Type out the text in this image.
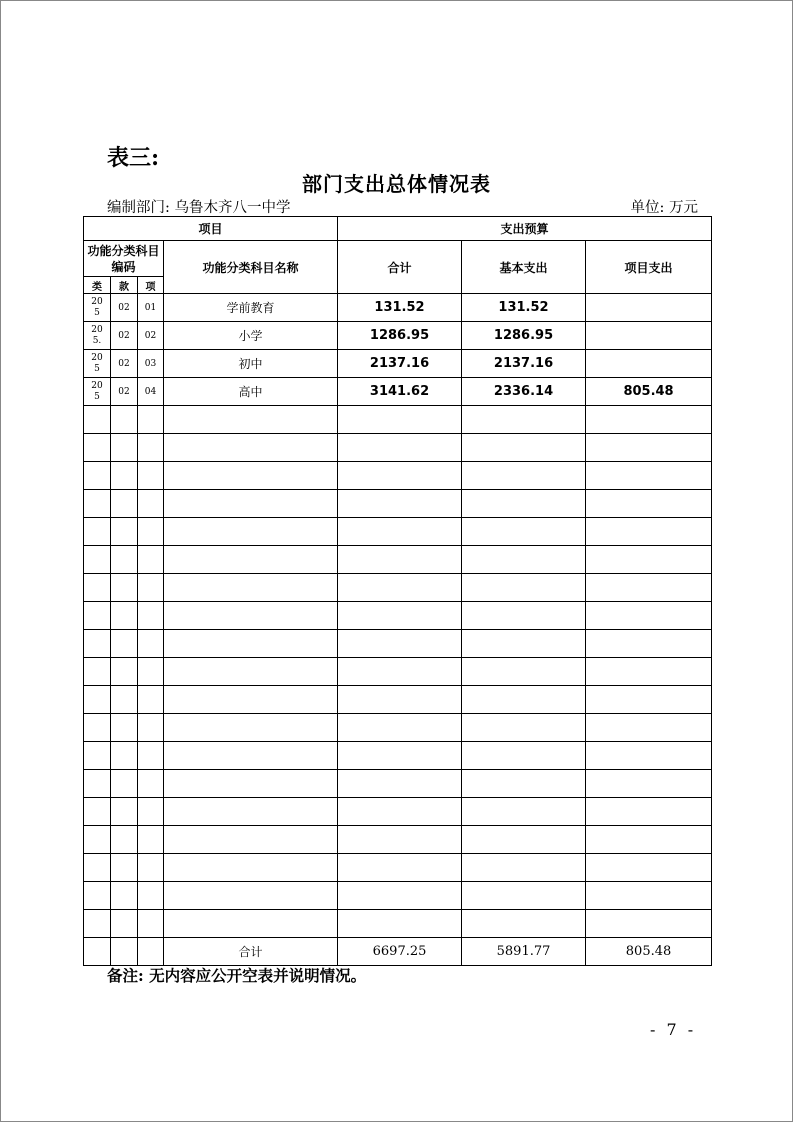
表三:
部门支出总体情况表
编制部门: 乌鲁木齐八一中学	单位: 万元
项目				支出预算		
功能分类科目编码			功能分类科目名称	合计	基本支出	项目支出
类	款	项				

20
5	02	01	学前教育	131.52	131.52	

20
5.	02	02	小学	1286.95	1286.95	

20
5	02	03	初中	2137.16	2137.16	

20
5	02	04	高中	3141.62	2336.14	805.48

			合计	6697.25	5891.77	805.48
备注: 无内容应公开空表并说明情况。
- 7 -
